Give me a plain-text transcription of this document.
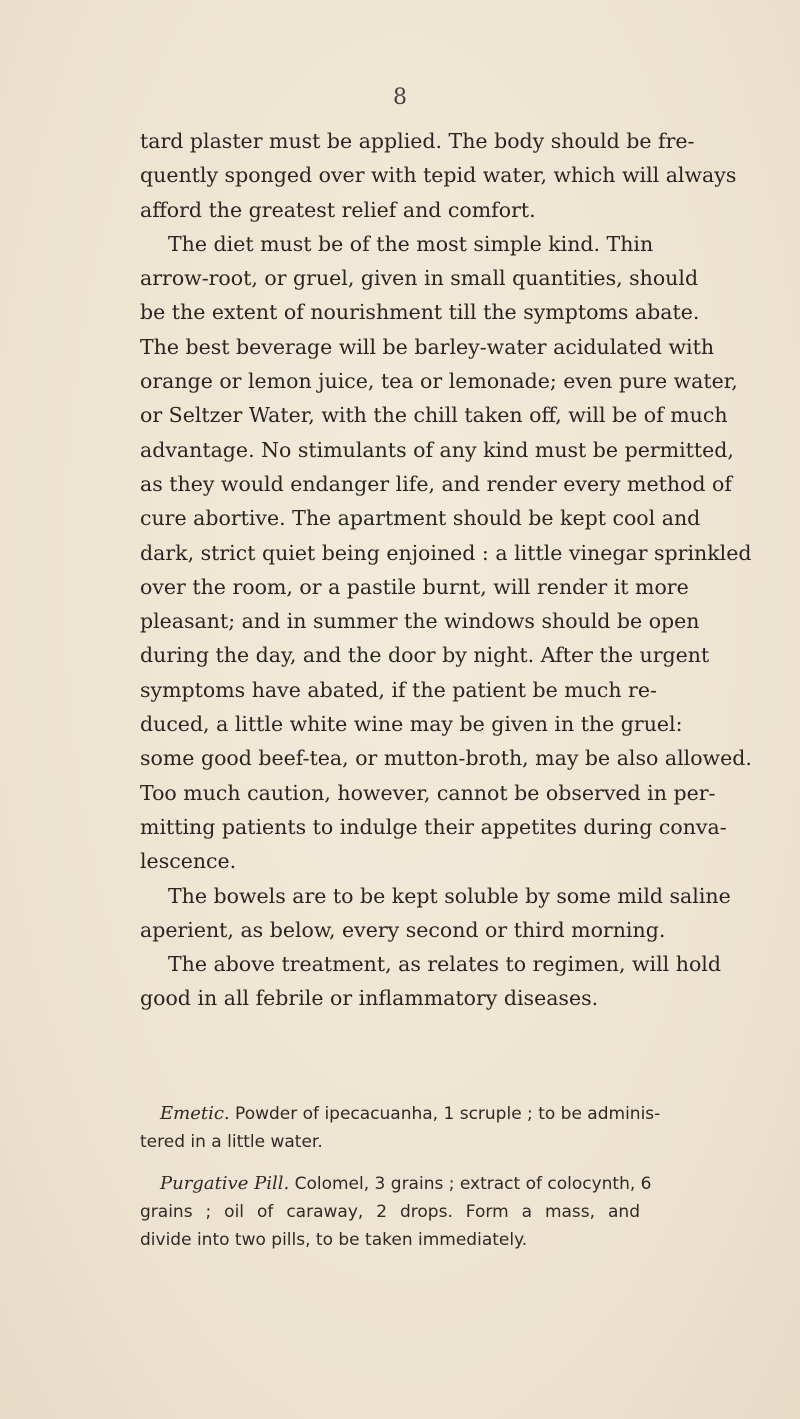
8
tard plaster must be applied. The body should be fre-
quently sponged over with tepid water, which will always
afford the greatest relief and comfort.
The diet must be of the most simple kind. Thin
arrow-root, or gruel, given in small quantities, should
be the extent of nourishment till the symptoms abate.
The best beverage will be barley-water acidulated with
orange or lemon juice, tea or lemonade; even pure water,
or Seltzer Water, with the chill taken off, will be of much
advantage. No stimulants of any kind must be permitted,
as they would endanger life, and render every method of
cure abortive. The apartment should be kept cool and
dark, strict quiet being enjoined : a little vinegar sprinkled
over the room, or a pastile burnt, will render it more
pleasant; and in summer the windows should be open
during the day, and the door by night. After the urgent
symptoms have abated, if the patient be much re-
duced, a little white wine may be given in the gruel:
some good beef-tea, or mutton-broth, may be also allowed.
Too much caution, however, cannot be observed in per-
mitting patients to indulge their appetites during conva-
lescence.
The bowels are to be kept soluble by some mild saline
aperient, as below, every second or third morning.
The above treatment, as relates to regimen, will hold
good in all febrile or inflammatory diseases.
Emetic. Powder of ipecacuanha, 1 scruple ; to be adminis-
tered in a little water.
Purgative Pill. Colomel, 3 grains ; extract of colocynth, 6
grains ; oil of caraway, 2 drops. Form a mass, and
divide into two pills, to be taken immediately.
